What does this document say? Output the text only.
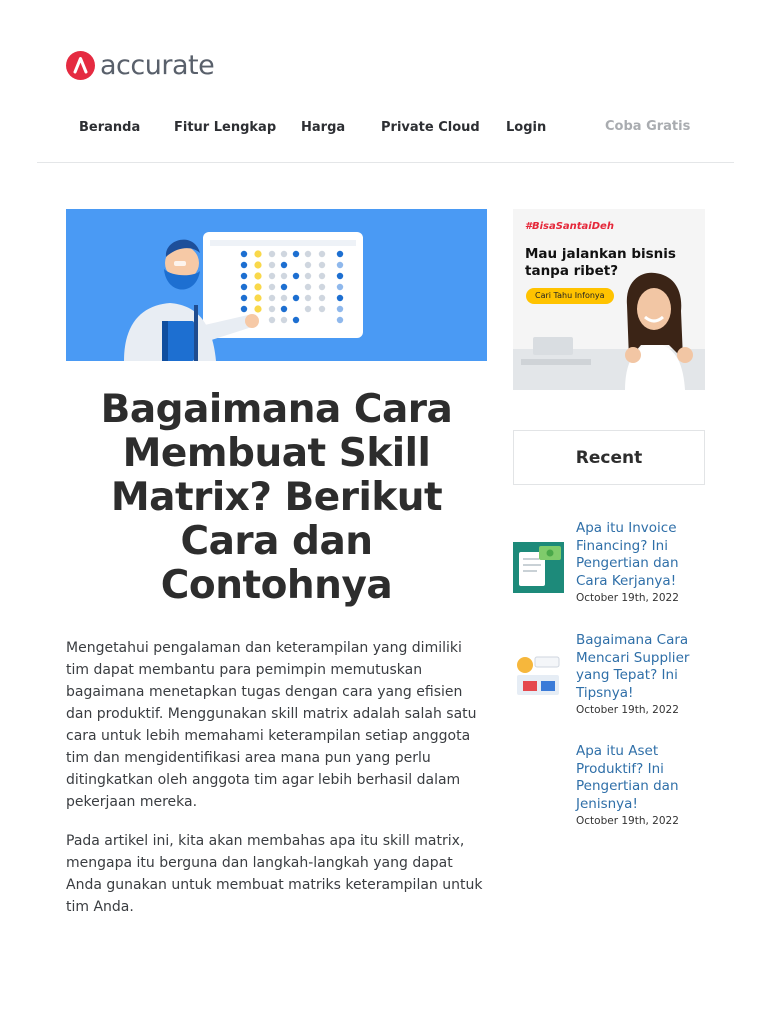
accurate
Beranda	Fitur Lengkap Harga	Private Cloud Login	Coba Gratis
Bagaimana Cara Membuat Skill Matrix? Berikut Cara dan Contohnya

Mengetahui pengalaman dan keterampilan yang dimiliki tim dapat membantu para pemimpin memutuskan bagaimana menetapkan tugas dengan cara yang efisien dan produktif. Menggunakan skill matrix adalah salah satu cara untuk lebih memahami keterampilan setiap anggota tim dan mengidentifikasi area mana pun yang perlu ditingkatkan oleh anggota tim agar lebih berhasil dalam pekerjaan mereka.

Pada artikel ini, kita akan membahas apa itu skill matrix, mengapa itu berguna dan langkah-langkah yang dapat Anda gunakan untuk membuat matriks keterampilan untuk tim Anda.

#BisaSantaiDeh

Mau jalankan bisnis tanpa ribet?

Cari Tahu Infonya
Recent

Apa itu Invoice Financing? Ini Pengertian dan Cara Kerjanya!

October 19th, 2022

Bagaimana Cara Mencari Supplier yang Tepat? Ini Tipsnya!

October 19th, 2022

Apa itu Aset Produktif? Ini Pengertian dan Jenisnya!

October 19th, 2022
